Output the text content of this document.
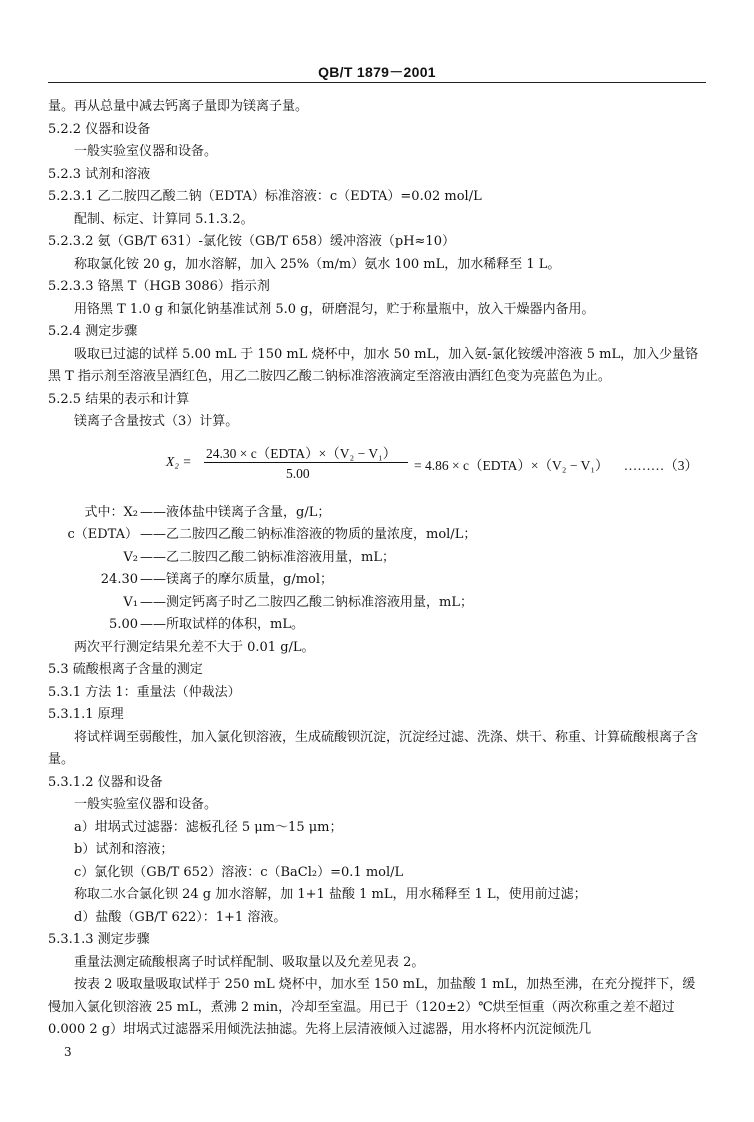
QB/T 1879－2001
量。再从总量中减去钙离子量即为镁离子量。
5.2.2 仪器和设备
一般实验室仪器和设备。
5.2.3 试剂和溶液
5.2.3.1 乙二胺四乙酸二钠（EDTA）标准溶液：c（EDTA）=0.02 mol/L
配制、标定、计算同 5.1.3.2。
5.2.3.2 氨（GB/T 631）-氯化铵（GB/T 658）缓冲溶液（pH≈10）
称取氯化铵 20 g，加水溶解，加入 25%（m/m）氨水 100 mL，加水稀释至 1 L。
5.2.3.3 铬黑 T（HGB 3086）指示剂
用铬黑 T 1.0 g 和氯化钠基准试剂 5.0 g，研磨混匀，贮于称量瓶中，放入干燥器内备用。
5.2.4 测定步骤
吸取已过滤的试样 5.00 mL 于 150 mL 烧杯中，加水 50 mL，加入氨-氯化铵缓冲溶液 5 mL，加入少量铬黑 T 指示剂至溶液呈酒红色，用乙二胺四乙酸二钠标准溶液滴定至溶液由酒红色变为亮蓝色为止。
5.2.5 结果的表示和计算
镁离子含量按式（3）计算。
X₂ =
24.30 × c（EDTA）×（V₂ − V₁）
5.00
= 4.86 × c（EDTA）×（V₂ − V₁） ………（3）
式中：X₂ ——液体盐中镁离子含量，g/L；
c（EDTA） ——乙二胺四乙酸二钠标准溶液的物质的量浓度，mol/L；
V₂ ——乙二胺四乙酸二钠标准溶液用量，mL；
24.30 ——镁离子的摩尔质量，g/mol；
V₁ ——测定钙离子时乙二胺四乙酸二钠标准溶液用量，mL；
5.00 ——所取试样的体积，mL。
两次平行测定结果允差不大于 0.01 g/L。
5.3 硫酸根离子含量的测定
5.3.1 方法 1：重量法（仲裁法）
5.3.1.1 原理
将试样调至弱酸性，加入氯化钡溶液，生成硫酸钡沉淀，沉淀经过滤、洗涤、烘干、称重、计算硫酸根离子含量。
5.3.1.2 仪器和设备
一般实验室仪器和设备。
a）坩埚式过滤器：滤板孔径 5 μm～15 μm；
b）试剂和溶液；
c）氯化钡（GB/T 652）溶液：c（BaCl₂）=0.1 mol/L
称取二水合氯化钡 24 g 加水溶解，加 1+1 盐酸 1 mL，用水稀释至 1 L，使用前过滤；
d）盐酸（GB/T 622）：1+1 溶液。
5.3.1.3 测定步骤
重量法测定硫酸根离子时试样配制、吸取量以及允差见表 2。
按表 2 吸取量吸取试样于 250 mL 烧杯中，加水至 150 mL，加盐酸 1 mL，加热至沸，在充分搅拌下，缓慢加入氯化钡溶液 25 mL，煮沸 2 min，冷却至室温。用已于（120±2）℃烘至恒重（两次称重之差不超过 0.000 2 g）坩埚式过滤器采用倾洗法抽滤。先将上层清液倾入过滤器，用水将杯内沉淀倾洗几
3
